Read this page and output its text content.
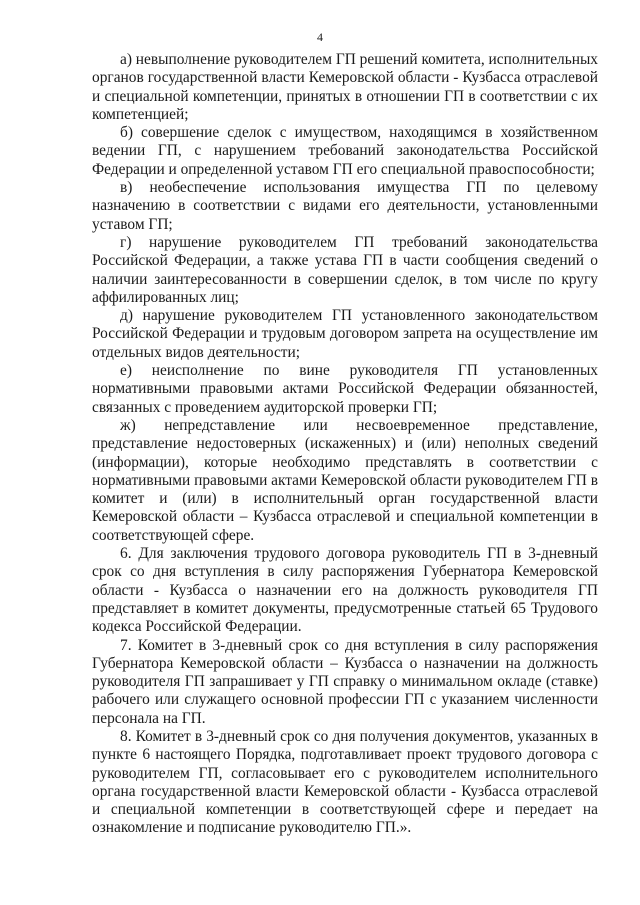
4

а) невыполнение руководителем ГП решений комитета, исполнительных органов государственной власти Кемеровской области - Кузбасса отраслевой и специальной компетенции, принятых в отношении ГП в соответствии с их компетенцией;

б) совершение сделок с имуществом, находящимся в хозяйственном ведении ГП, с нарушением требований законодательства Российской Федерации и определенной уставом ГП его специальной правоспособности;

в) необеспечение использования имущества ГП по целевому назначению в соответствии с видами его деятельности, установленными уставом ГП;

г) нарушение руководителем ГП требований законодательства Российской Федерации, а также устава ГП в части сообщения сведений о наличии заинтересованности в совершении сделок, в том числе по кругу аффилированных лиц;

д) нарушение руководителем ГП установленного законодательством Российской Федерации и трудовым договором запрета на осуществление им отдельных видов деятельности;

е) неисполнение по вине руководителя ГП установленных нормативными правовыми актами Российской Федерации обязанностей, связанных с проведением аудиторской проверки ГП;

ж) непредставление или несвоевременное представление, представление недостоверных (искаженных) и (или) неполных сведений (информации), которые необходимо представлять в соответствии с нормативными правовыми актами Кемеровской области руководителем ГП в комитет и (или) в исполнительный орган государственной власти Кемеровской области – Кузбасса отраслевой и специальной компетенции в соответствующей сфере.

6. Для заключения трудового договора руководитель ГП в 3-дневный срок со дня вступления в силу распоряжения Губернатора Кемеровской области - Кузбасса о назначении его на должность руководителя ГП представляет в комитет документы, предусмотренные статьей 65 Трудового кодекса Российской Федерации.

7. Комитет в 3-дневный срок со дня вступления в силу распоряжения Губернатора Кемеровской области – Кузбасса о назначении на должность руководителя ГП запрашивает у ГП справку о минимальном окладе (ставке) рабочего или служащего основной профессии ГП с указанием численности персонала на ГП.

8. Комитет в 3-дневный срок со дня получения документов, указанных в пункте 6 настоящего Порядка, подготавливает проект трудового договора с руководителем ГП, согласовывает его с руководителем исполнительного органа государственной власти Кемеровской области - Кузбасса отраслевой и специальной компетенции в соответствующей сфере и передает на ознакомление и подписание руководителю ГП.».
